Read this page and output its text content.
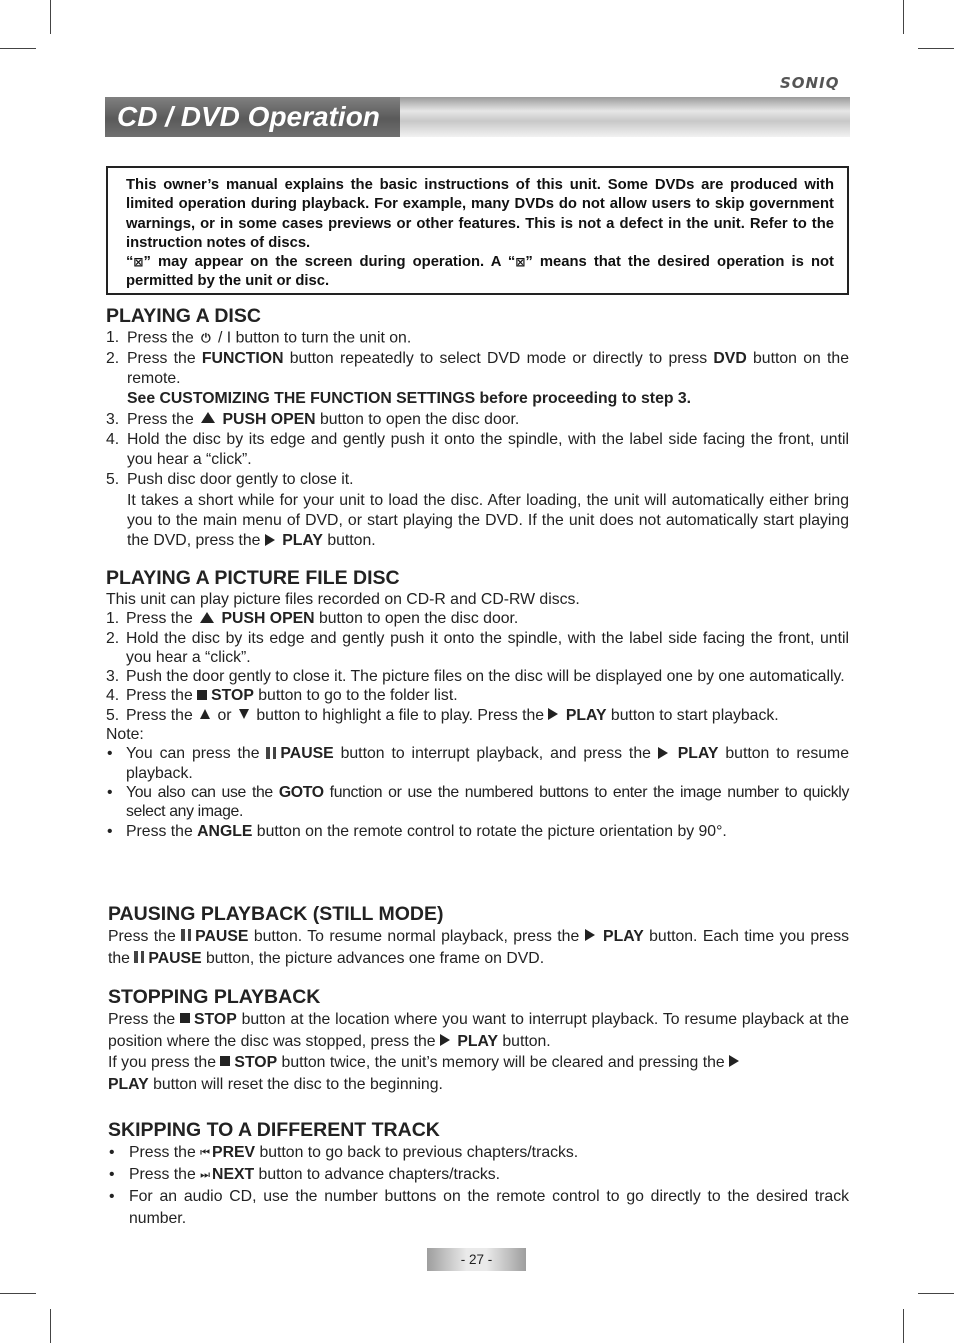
SONIQ
CD / DVD Operation

This owner’s manual explains the basic instructions of this unit. Some DVDs are produced with limited operation during playback. For example, many DVDs do not allow users to skip government warnings, or in some cases previews or other features. This is not a defect in the unit. Refer to the instruction notes of discs.

“⊠” may appear on the screen during operation. A “⊠” means that the desired operation is not permitted by the unit or disc.

PLAYING A DISC
1. Press the ⏻ / I button to turn the unit on.
2. Press the FUNCTION button repeatedly to select DVD mode or directly to press DVD button on the remote.
See CUSTOMIZING THE FUNCTION SETTINGS before proceeding to step 3.
3. Press the  PUSH OPEN button to open the disc door.
4. Hold the disc by its edge and gently push it onto the spindle, with the label side facing the front, until you hear a “click”.
5. Push disc door gently to close it.
It takes a short while for your unit to load the disc. After loading, the unit will automatically either bring you to the main menu of DVD, or start playing the DVD. If the unit does not automatically start playing the DVD, press the  PLAY button.
PLAYING A PICTURE FILE DISC
This unit can play picture files recorded on CD-R and CD-RW discs.
1. Press the  PUSH OPEN button to open the disc door.
2. Hold the disc by its edge and gently push it onto the spindle, with the label side facing the front, until you hear a “click”.
3. Push the door gently to close it. The picture files on the disc will be displayed one by one automatically.
4. Press the STOP button to go to the folder list.
5. Press the  or  button to highlight a file to play. Press the  PLAY button to start playback.
Note:
• You can press the PAUSE button to interrupt playback, and press the  PLAY button to resume playback.
• You also can use the GOTO function or use the numbered buttons to enter the image number to quickly select any image.
• Press the ANGLE button on the remote control to rotate the picture orientation by 90°.
PAUSING PLAYBACK (STILL MODE)
Press the PAUSE button. To resume normal playback, press the  PLAY button. Each time you press the PAUSE button, the picture advances one frame on DVD.
STOPPING PLAYBACK
Press the STOP button at the location where you want to interrupt playback. To resume playback at the position where the disc was stopped, press the  PLAY button.
If you press the STOP button twice, the unit’s memory will be cleared and pressing the
PLAY button will reset the disc to the beginning.
SKIPPING TO A DIFFERENT TRACK
• Press the ⏮ PREV button to go back to previous chapters/tracks.
• Press the ⏭ NEXT button to advance chapters/tracks.
• For an audio CD, use the number buttons on the remote control to go directly to the desired track number.
- 27 -
